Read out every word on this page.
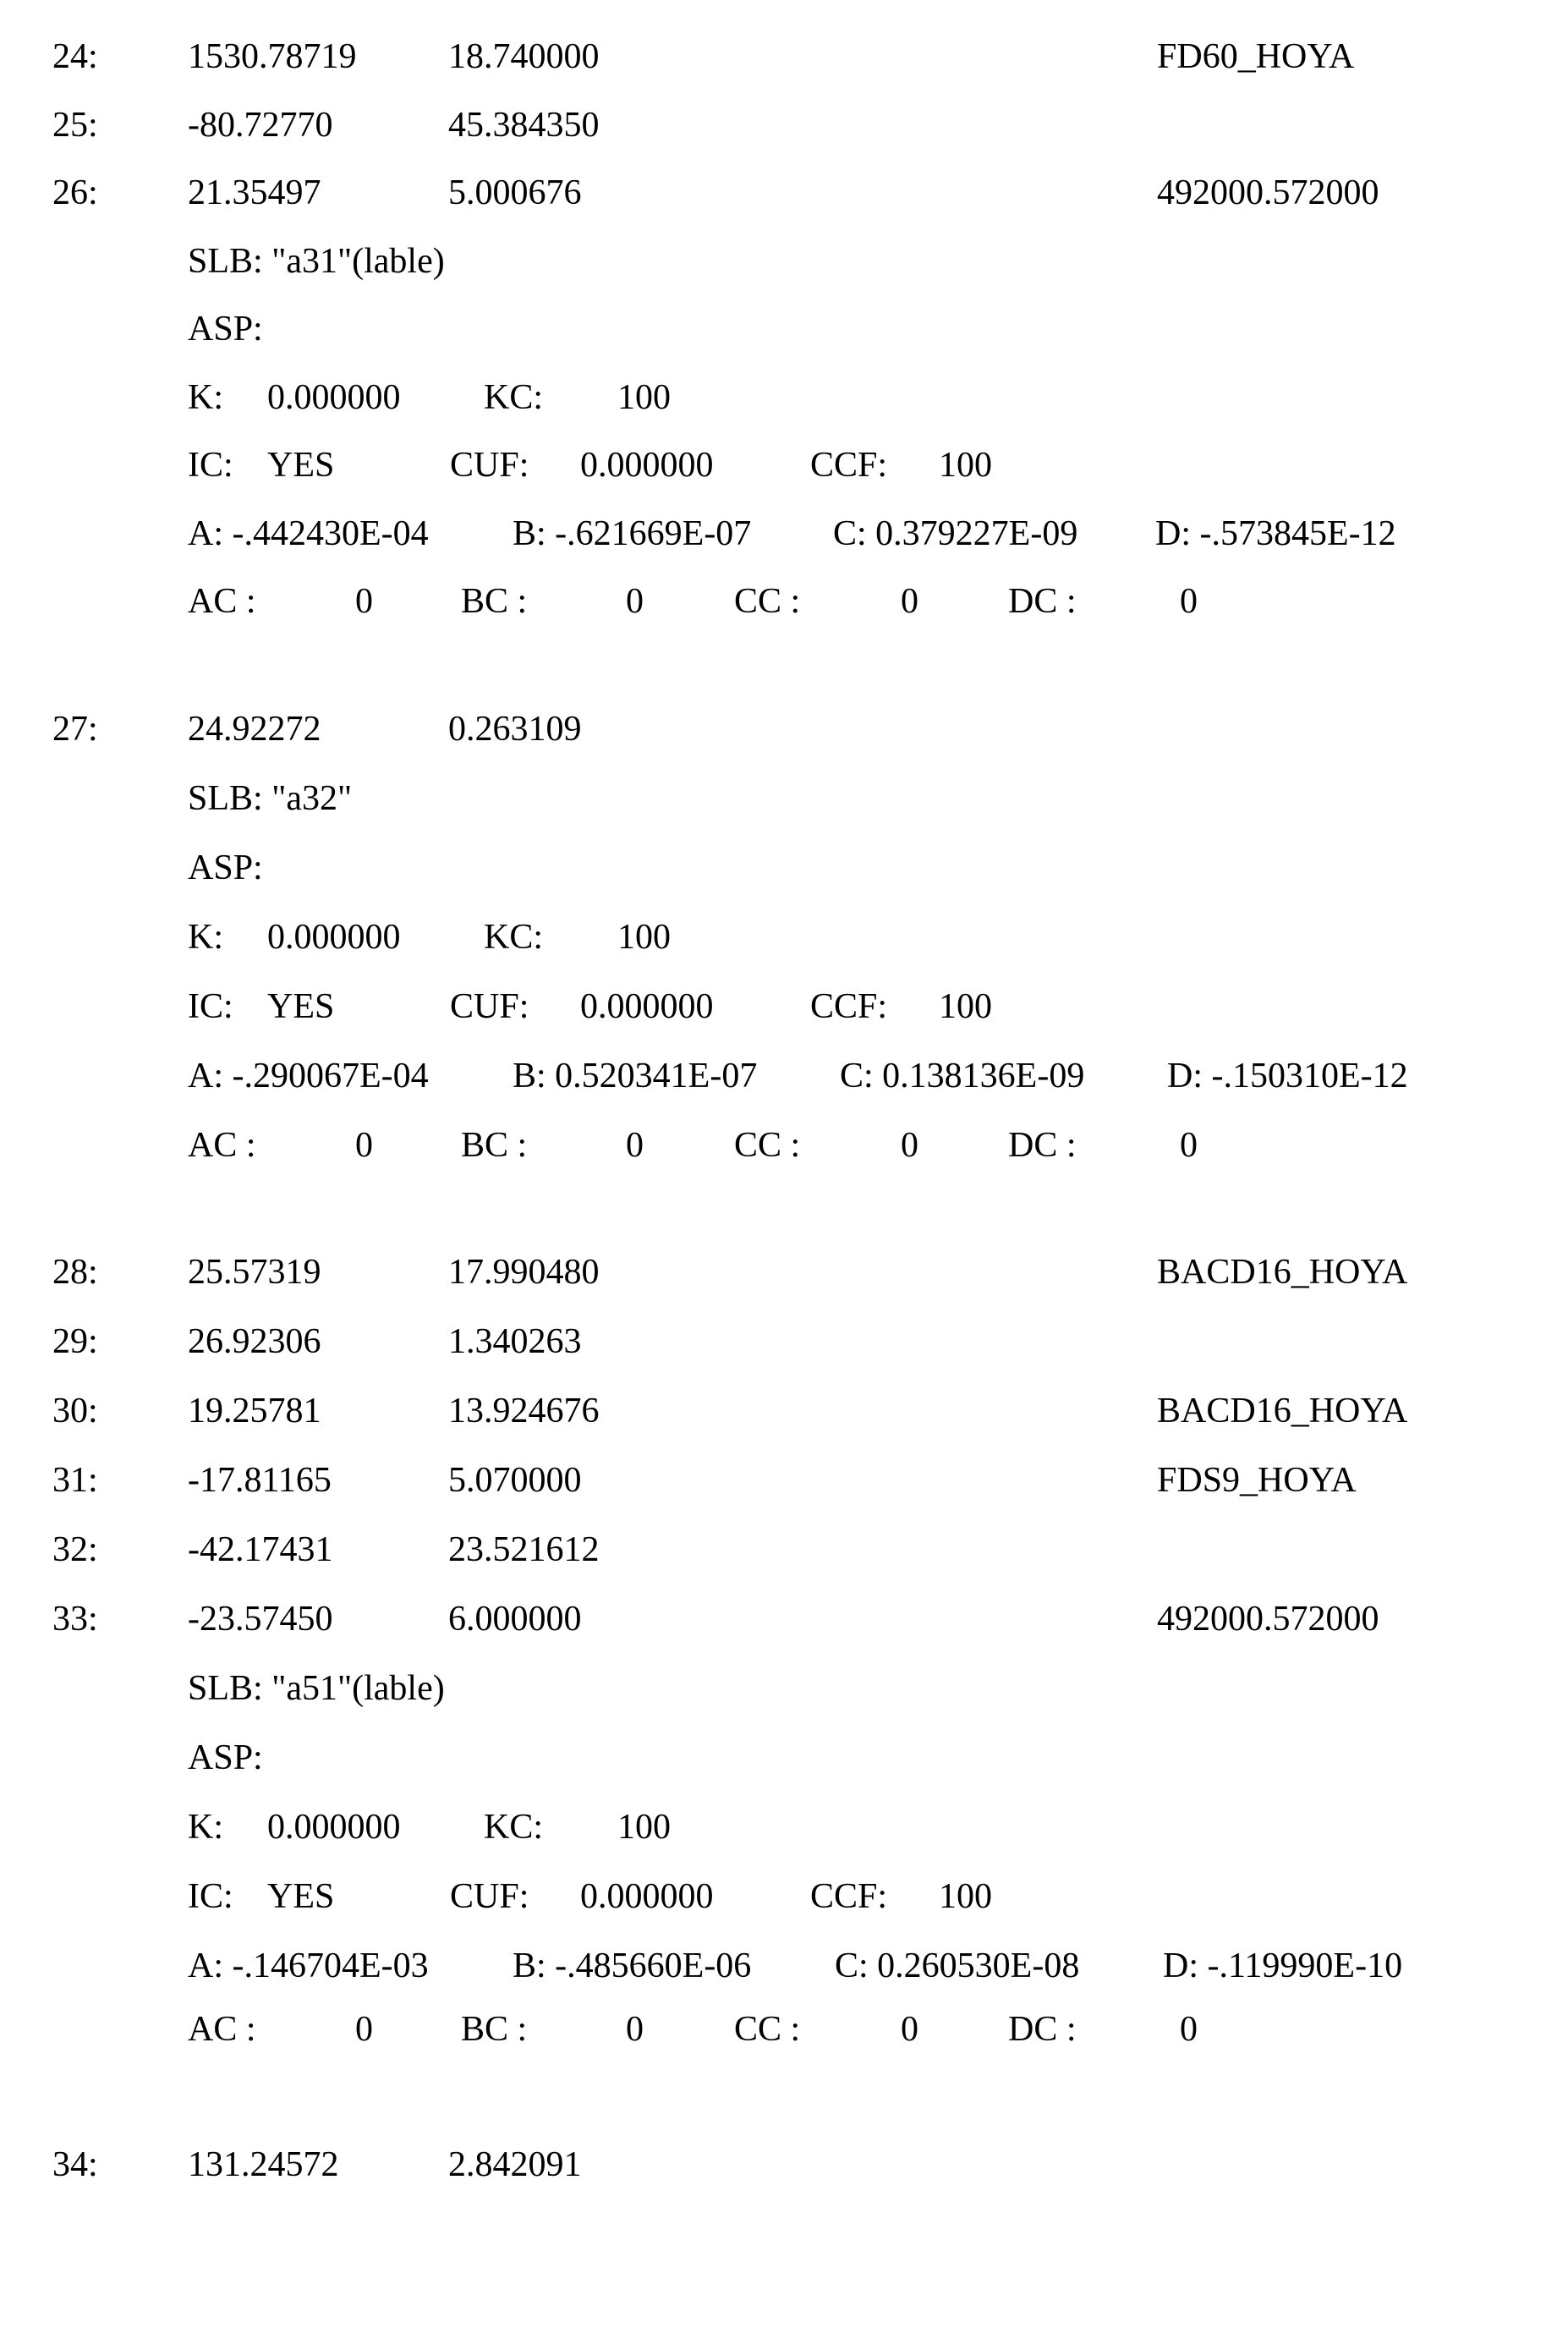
24:	1530.78719	18.740000	FD60_HOYA
25:	-80.72770	45.384350
26:	21.35497	5.000676	492000.572000
SLB: "a31"(lable)
ASP:
K: 0.000000 KC: 100
IC: YES	CUF: 0.000000	CCF: 100
A: -.442430E-04 B: -.621669E-07 C: 0.379227E-09 D: -.573845E-12
AC :	0 BC :	0	CC :	0	DC :	0
27:	24.92272	0.263109
SLB: "a32"
ASP:
K: 0.000000 KC: 100
IC: YES	CUF: 0.000000	CCF: 100
A: -.290067E-04 B: 0.520341E-07 C: 0.138136E-09 D: -.150310E-12
AC :	0 BC :	0	CC :	0	DC :	0
28:	25.57319	17.990480	BACD16_HOYA
29:	26.92306	1.340263
30:	19.25781	13.924676	BACD16_HOYA
31:	-17.81165	5.070000	FDS9_HOYA
32:	-42.17431	23.521612
33:	-23.57450	6.000000	492000.572000
SLB: "a51"(lable)
ASP:
K: 0.000000 KC: 100
IC: YES	CUF: 0.000000	CCF: 100
A: -.146704E-03 B: -.485660E-06 C: 0.260530E-08 D: -.119990E-10
AC :	0 BC :	0	CC :	0	DC :	0
34:	131.24572	2.842091
